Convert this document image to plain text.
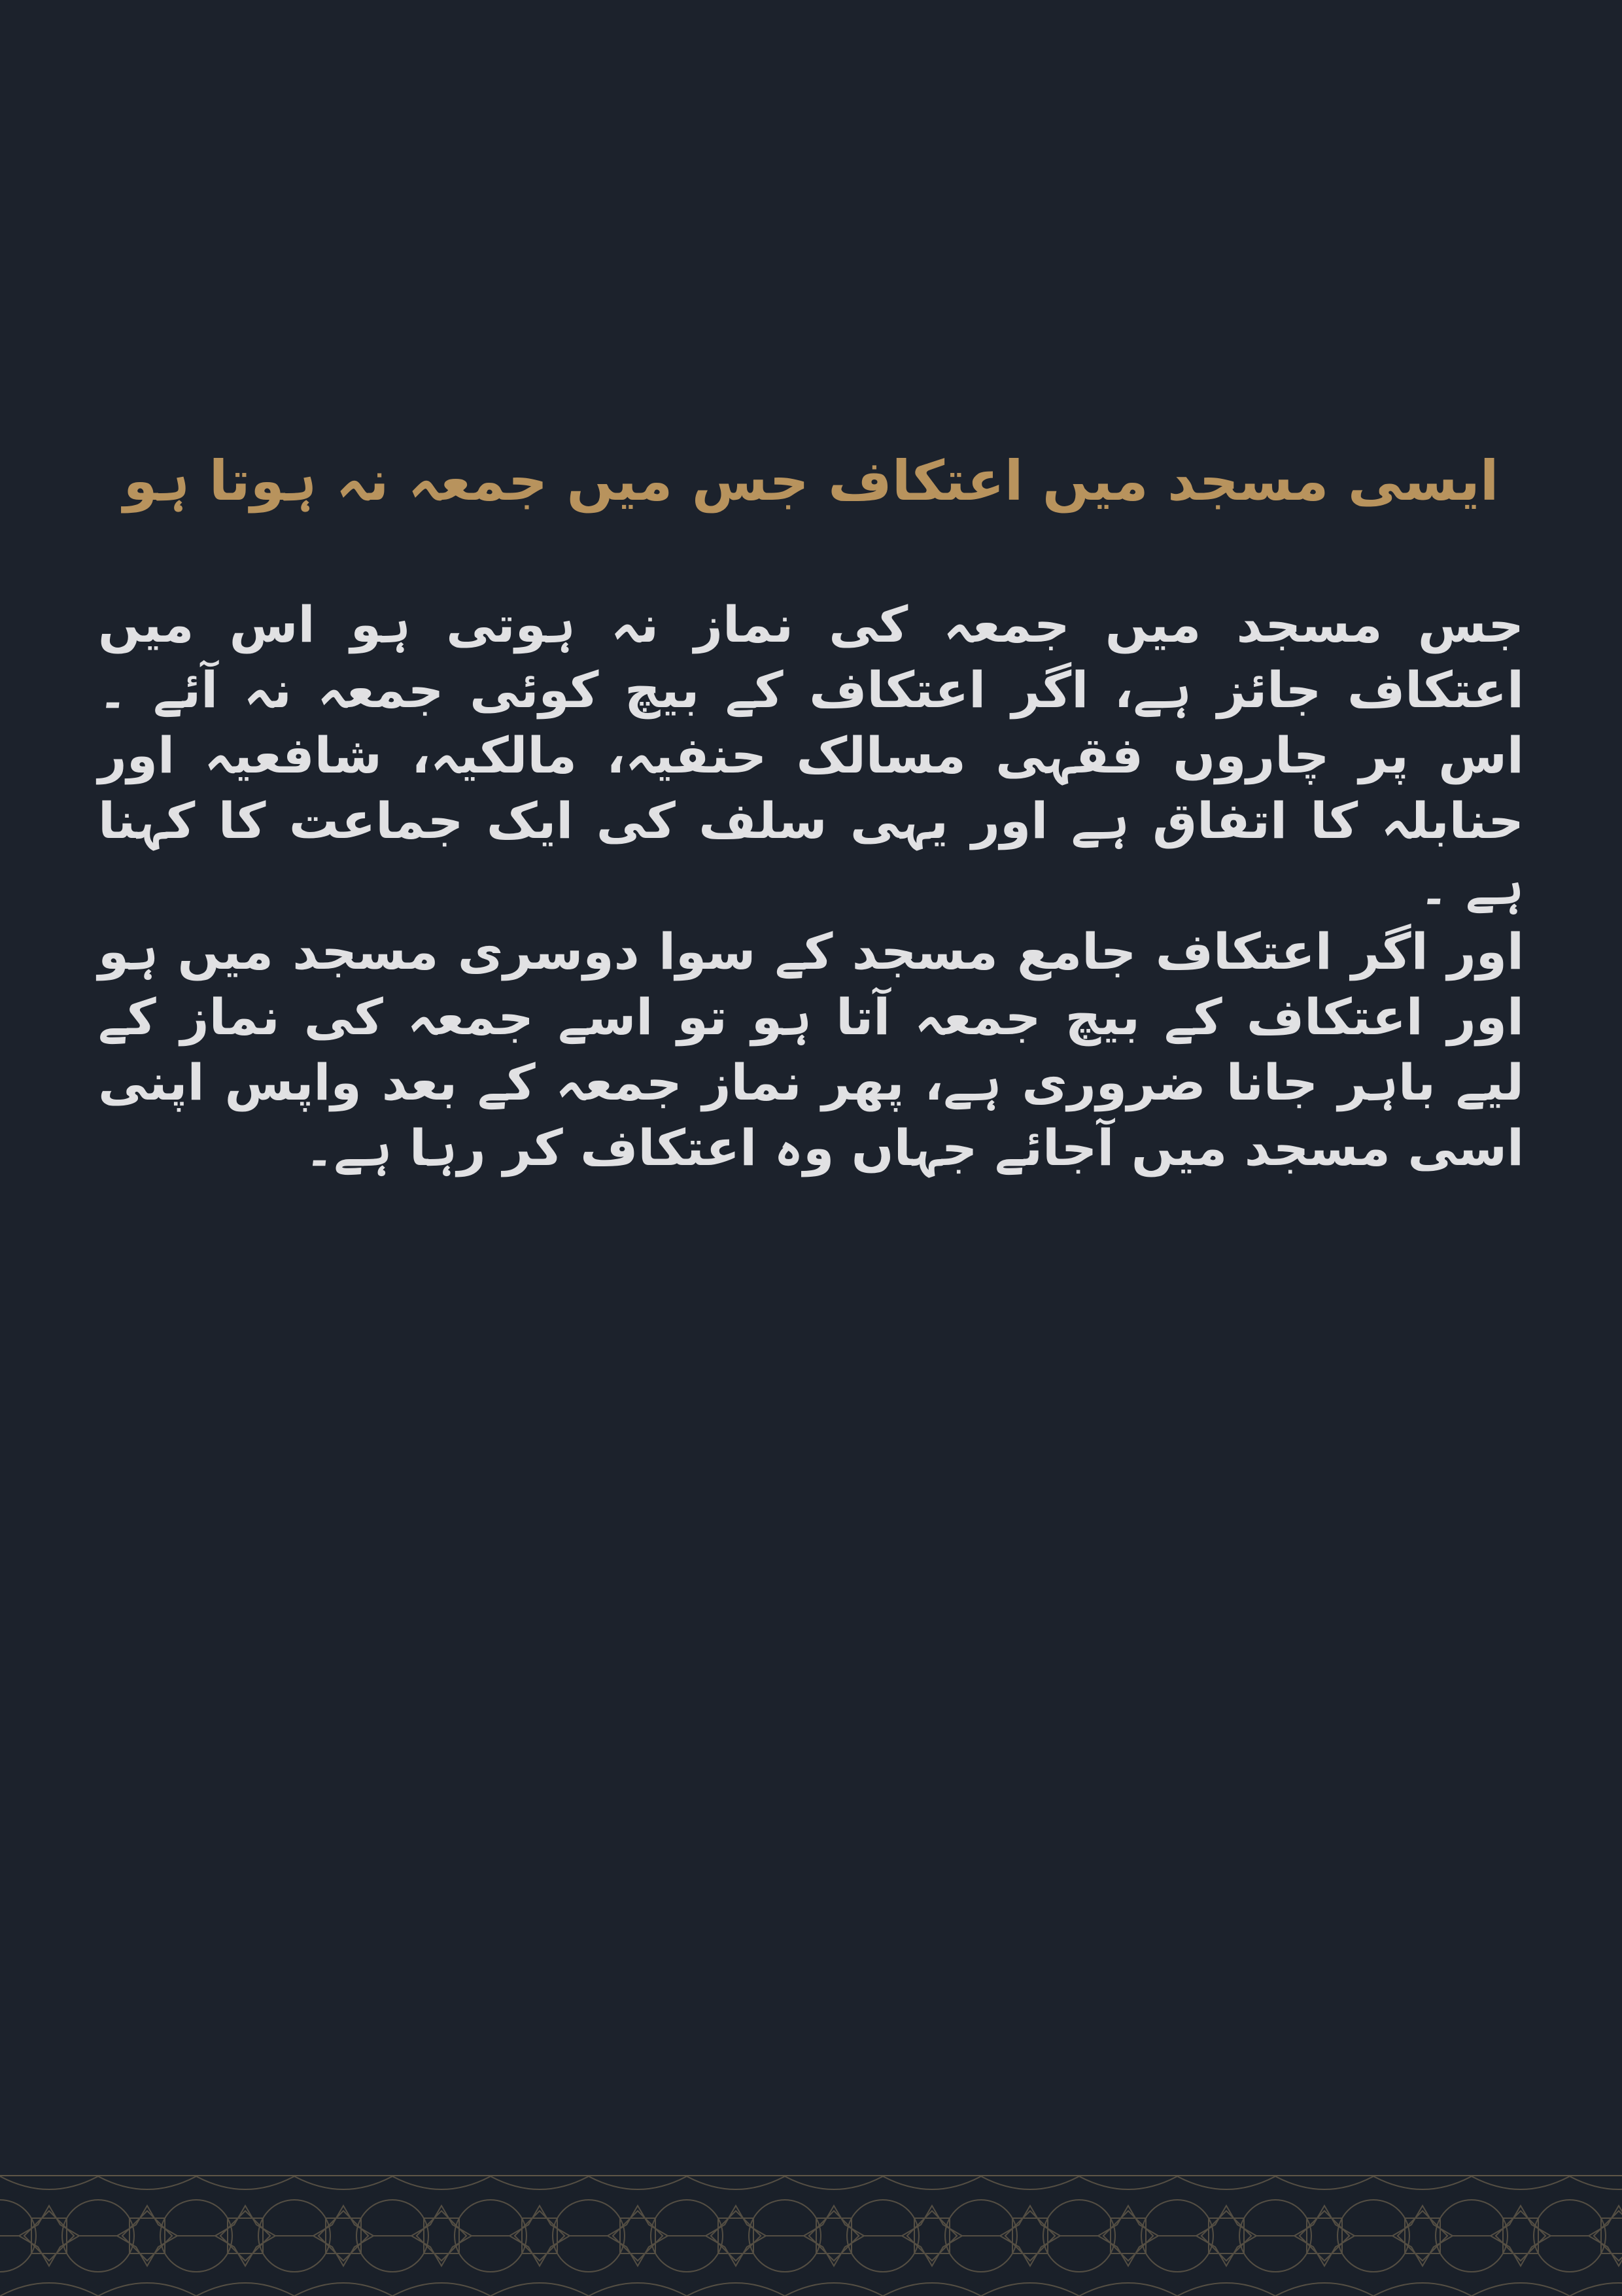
ایسی مسجد میں اعتکاف جس میں جمعہ نہ ہوتا ہو

جس مسجد میں جمعہ کی نماز نہ ہوتی ہو اس میں اعتکاف جائز ہے، اگر اعتکاف کے بیچ کوئی جمعہ نہ آئے ۔ اس پر چاروں فقہی مسالک حنفیہ، مالکیہ، شافعیہ اور حنابلہ کا اتفاق ہے اور یہی سلف کی ایک جماعت کا کہنا ہے ۔

اور اگر اعتکاف جامع مسجد کے سوا دوسری مسجد میں ہو اور اعتکاف کے بیچ جمعہ آتا ہو تو اسے جمعہ کی نماز کے لیے باہر جانا ضروری ہے، پھر نماز جمعہ کے بعد واپس اپنی اسی مسجد میں آجائے جہاں وہ اعتکاف کر رہا ہے۔
